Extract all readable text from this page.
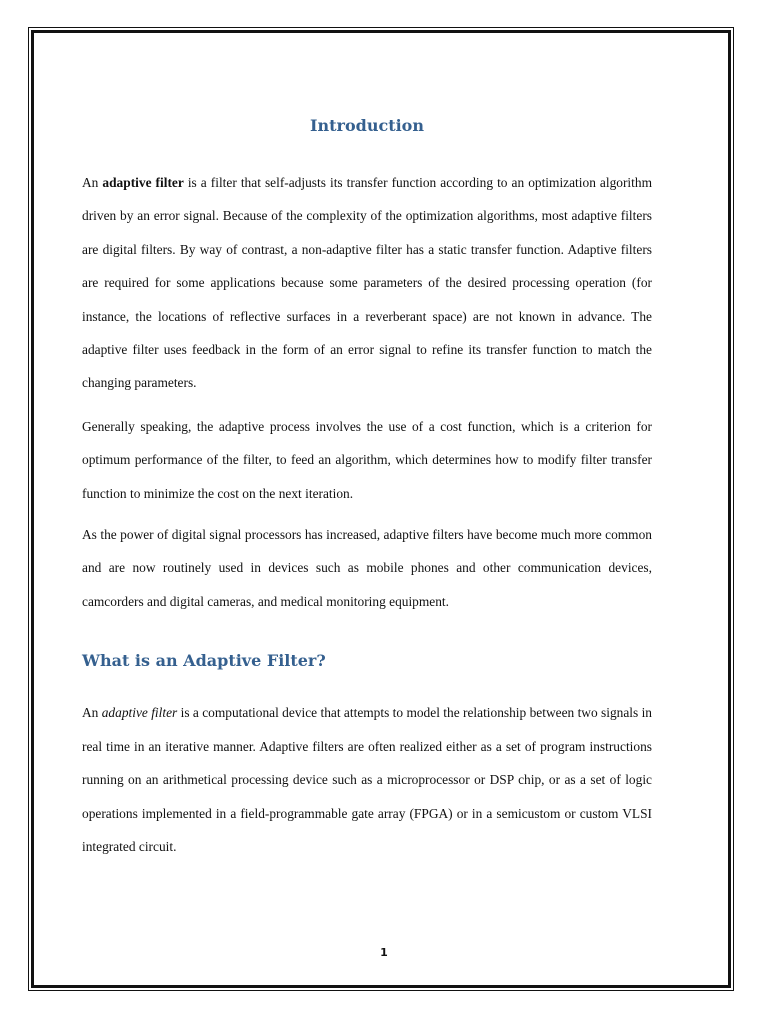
Introduction

An adaptive filter is a filter that self-adjusts its transfer function according to an optimization algorithm driven by an error signal. Because of the complexity of the optimization algorithms, most adaptive filters are digital filters. By way of contrast, a non-adaptive filter has a static transfer function. Adaptive filters are required for some applications because some parameters of the desired processing operation (for instance, the locations of reflective surfaces in a reverberant space) are not known in advance. The adaptive filter uses feedback in the form of an error signal to refine its transfer function to match the changing parameters.

Generally speaking, the adaptive process involves the use of a cost function, which is a criterion for optimum performance of the filter, to feed an algorithm, which determines how to modify filter transfer function to minimize the cost on the next iteration.

As the power of digital signal processors has increased, adaptive filters have become much more common and are now routinely used in devices such as mobile phones and other communication devices, camcorders and digital cameras, and medical monitoring equipment.

What is an Adaptive Filter?

An adaptive filter is a computational device that attempts to model the relationship between two signals in real time in an iterative manner. Adaptive filters are often realized either as a set of program instructions running on an arithmetical processing device such as a microprocessor or DSP chip, or as a set of logic operations implemented in a field-programmable gate array (FPGA) or in a semicustom or custom VLSI integrated circuit.

1
